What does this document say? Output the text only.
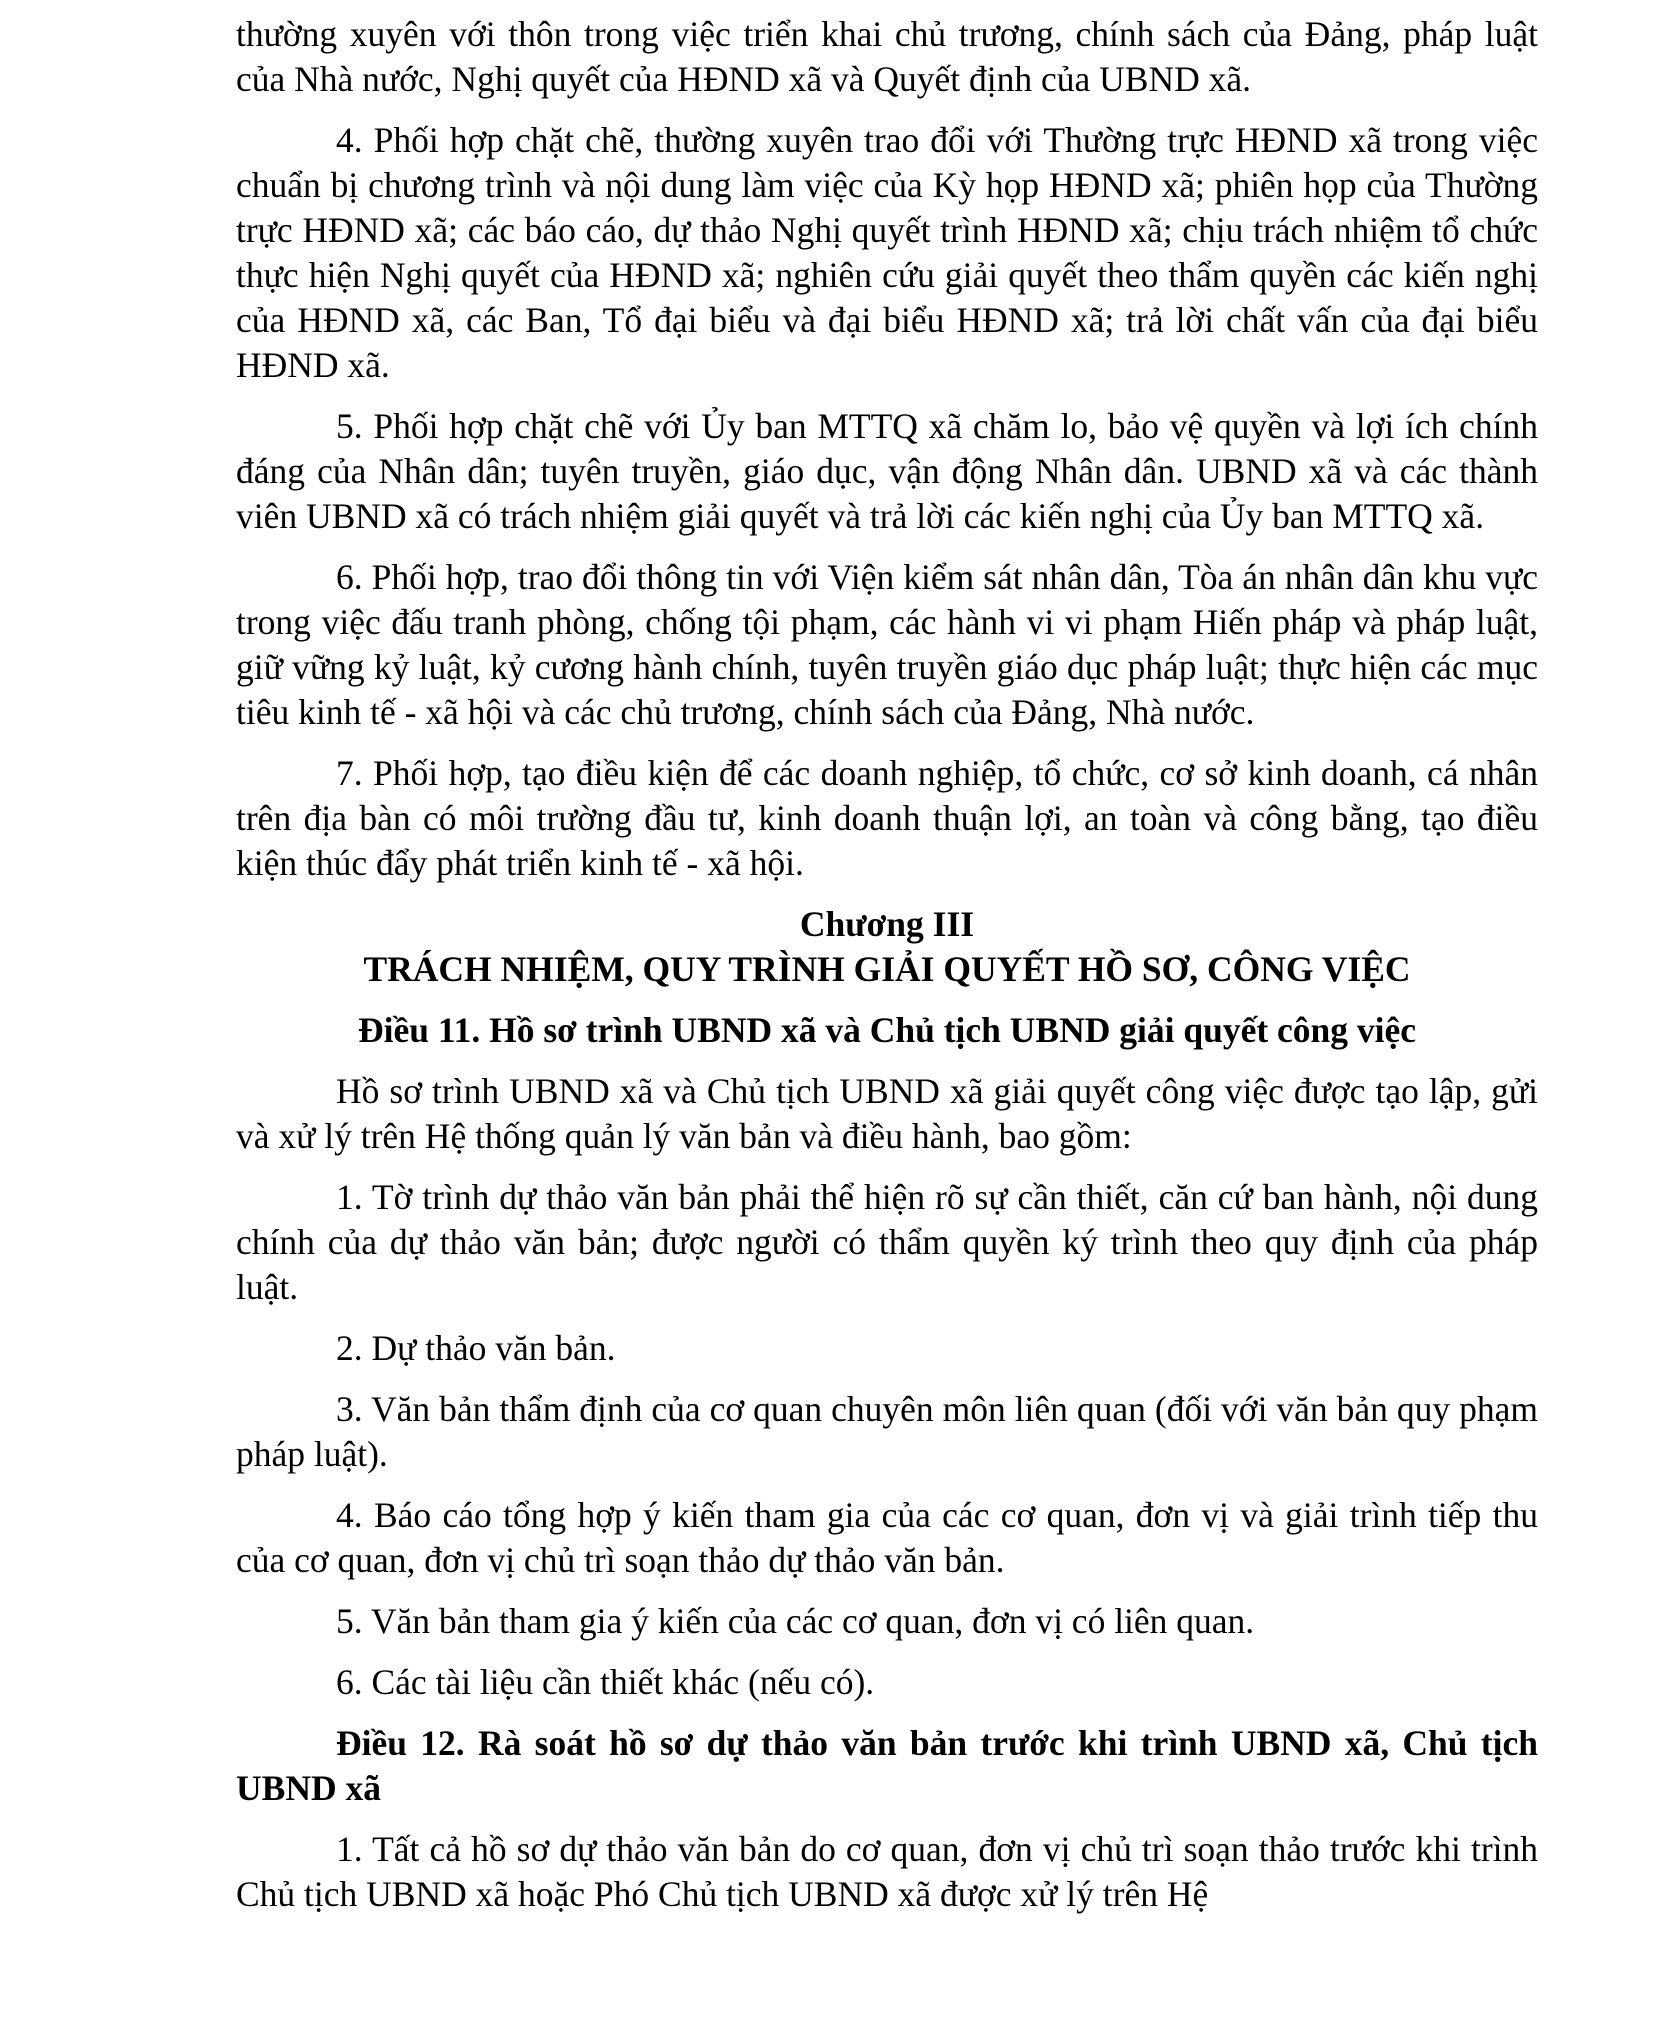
thường xuyên với thôn trong việc triển khai chủ trương, chính sách của Đảng, pháp luật của Nhà nước, Nghị quyết của HĐND xã và Quyết định của UBND xã.

4. Phối hợp chặt chẽ, thường xuyên trao đổi với Thường trực HĐND xã trong việc chuẩn bị chương trình và nội dung làm việc của Kỳ họp HĐND xã; phiên họp của Thường trực HĐND xã; các báo cáo, dự thảo Nghị quyết trình HĐND xã; chịu trách nhiệm tổ chức thực hiện Nghị quyết của HĐND xã; nghiên cứu giải quyết theo thẩm quyền các kiến nghị của HĐND xã, các Ban, Tổ đại biểu và đại biểu HĐND xã; trả lời chất vấn của đại biểu HĐND xã.

5. Phối hợp chặt chẽ với Ủy ban MTTQ xã chăm lo, bảo vệ quyền và lợi ích chính đáng của Nhân dân; tuyên truyền, giáo dục, vận động Nhân dân. UBND xã và các thành viên UBND xã có trách nhiệm giải quyết và trả lời các kiến nghị của Ủy ban MTTQ xã.

6. Phối hợp, trao đổi thông tin với Viện kiểm sát nhân dân, Tòa án nhân dân khu vực trong việc đấu tranh phòng, chống tội phạm, các hành vi vi phạm Hiến pháp và pháp luật, giữ vững kỷ luật, kỷ cương hành chính, tuyên truyền giáo dục pháp luật; thực hiện các mục tiêu kinh tế - xã hội và các chủ trương, chính sách của Đảng, Nhà nước.

7. Phối hợp, tạo điều kiện để các doanh nghiệp, tổ chức, cơ sở kinh doanh, cá nhân trên địa bàn có môi trường đầu tư, kinh doanh thuận lợi, an toàn và công bằng, tạo điều kiện thúc đẩy phát triển kinh tế - xã hội.

Chương III

TRÁCH NHIỆM, QUY TRÌNH GIẢI QUYẾT HỒ SƠ, CÔNG VIỆC

Điều 11. Hồ sơ trình UBND xã và Chủ tịch UBND giải quyết công việc

Hồ sơ trình UBND xã và Chủ tịch UBND xã giải quyết công việc được tạo lập, gửi và xử lý trên Hệ thống quản lý văn bản và điều hành, bao gồm:

1. Tờ trình dự thảo văn bản phải thể hiện rõ sự cần thiết, căn cứ ban hành, nội dung chính của dự thảo văn bản; được người có thẩm quyền ký trình theo quy định của pháp luật.

2. Dự thảo văn bản.

3. Văn bản thẩm định của cơ quan chuyên môn liên quan (đối với văn bản quy phạm pháp luật).

4. Báo cáo tổng hợp ý kiến tham gia của các cơ quan, đơn vị và giải trình tiếp thu của cơ quan, đơn vị chủ trì soạn thảo dự thảo văn bản.

5. Văn bản tham gia ý kiến của các cơ quan, đơn vị có liên quan.

6. Các tài liệu cần thiết khác (nếu có).

Điều 12. Rà soát hồ sơ dự thảo văn bản trước khi trình UBND xã, Chủ tịch UBND xã

1. Tất cả hồ sơ dự thảo văn bản do cơ quan, đơn vị chủ trì soạn thảo trước khi trình Chủ tịch UBND xã hoặc Phó Chủ tịch UBND xã được xử lý trên Hệ
